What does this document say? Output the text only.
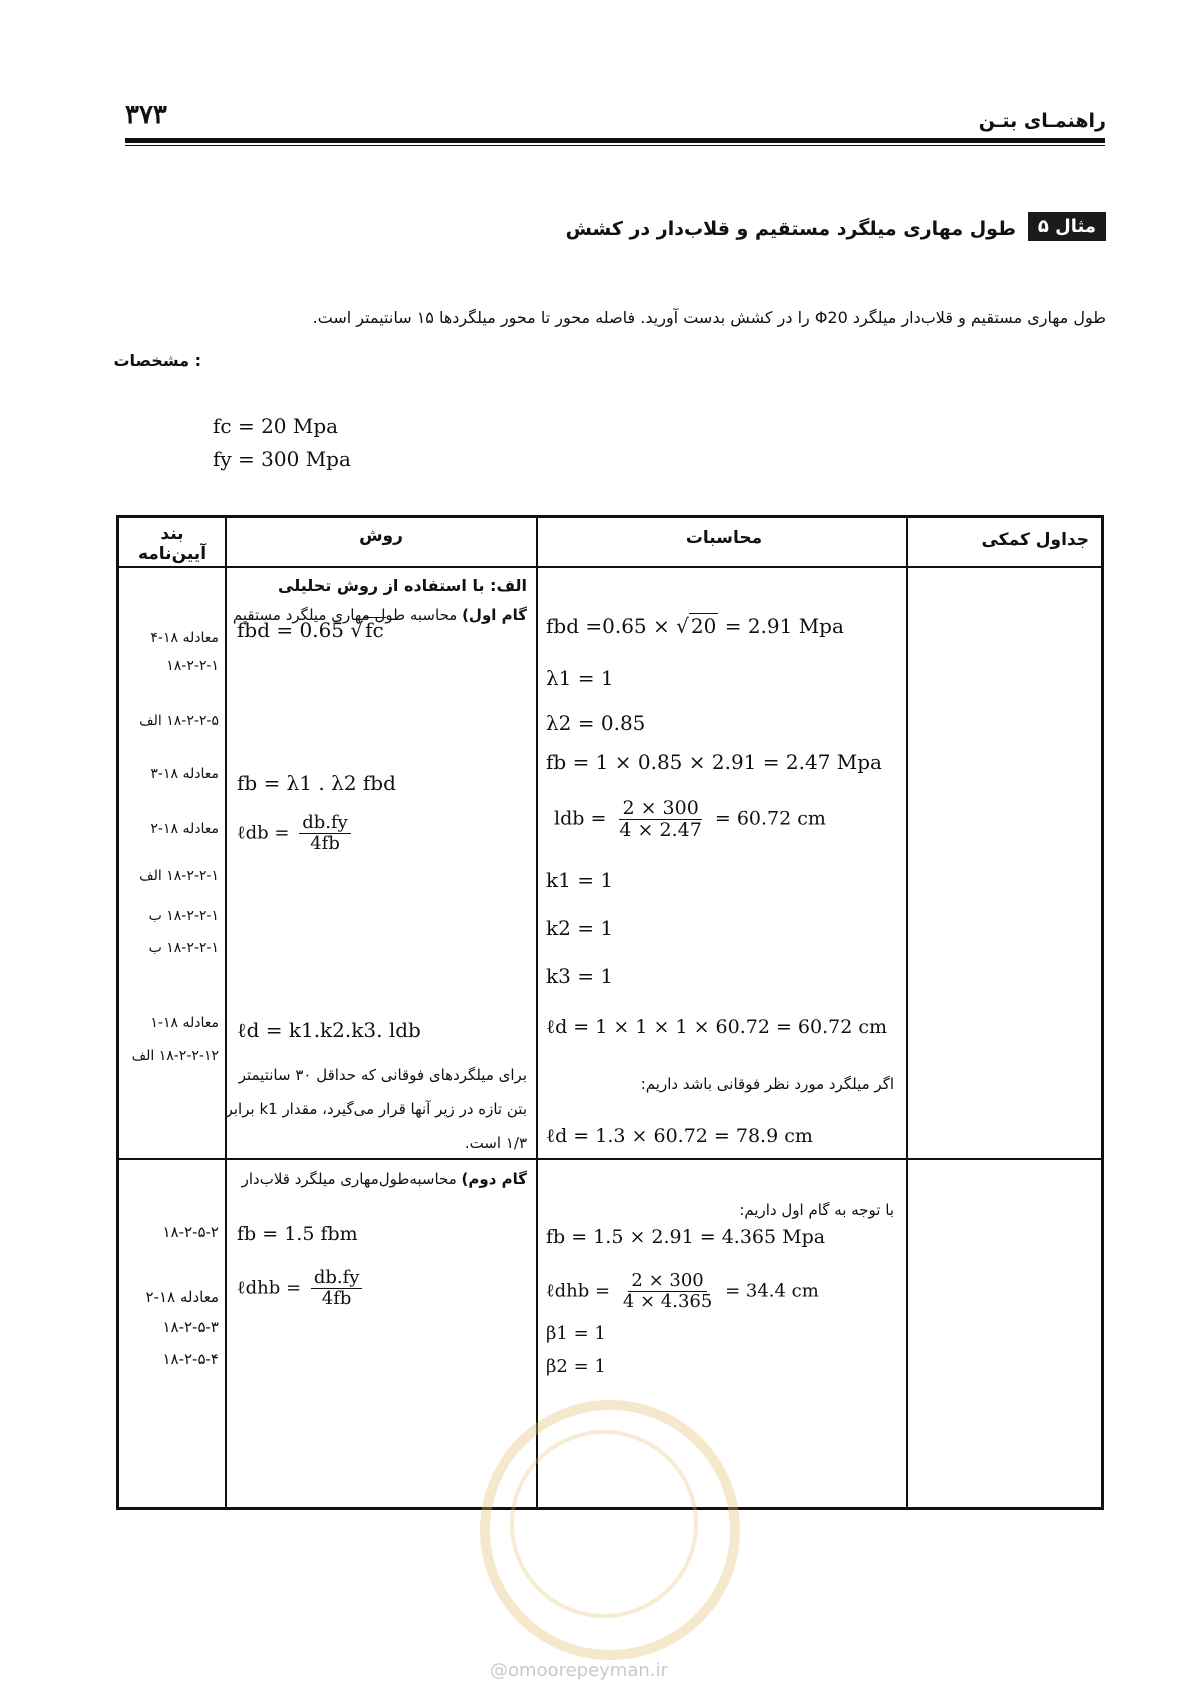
۳۷۳	راهنمـای بتـن
مثال ۵
طول مهاری میلگرد مستقیم و قلاب‌دار در کشش
طول مهاری مستقیم و قلاب‌دار میلگرد Φ20 را در کشش بدست آورید. فاصله محور تا محور میلگردها ۱۵ سانتیمتر است.
: مشخصات
fc = 20 Mpa
fy = 300 Mpa
جداول کمکی
محاسبات
روش
بند آیین‌نامه
الف: با استفاده از روش تحلیلی
گام اول) محاسبه طول مهاری میلگرد مستقیم
معادله ۱۸-۴
۱۸-۲-۲-۱
۱۸-۲-۲-۵ الف
معادله ۱۸-۳
معادله ۱۸-۲
۱۸-۲-۲-۱ الف
۱۸-۲-۲-۱ ب
۱۸-۲-۲-۱ ب
معادله ۱۸-۱
۱۸-۲-۲-۱۲ الف
fbd = 0.65 √ fc
fb = λ1 . λ2 fbd
ℓdb = $\frac{db.fy}{4fb}$
ℓd = k1.k2.k3. ldb
برای میلگردهای فوقانی که حداقل ۳۰ سانتیمتر
بتن تازه در زیر آنها قرار می‌گیرد، مقدار k1 برابر
۱/۳ است.
fbd =0.65 × √ 20 = 2.91 Mpa
λ1 = 1
λ2 = 0.85
fb = 1 × 0.85 × 2.91 = 2.47 Mpa
ldb = $\frac{2 \times 300}{4 \times 2.47} = 60.72$ cm
k1 = 1
k2 = 1
k3 = 1
ℓd = 1 × 1 × 1 × 60.72 = 60.72 cm
اگر میلگرد مورد نظر فوقانی باشد داریم:
ℓd = 1.3 × 60.72 = 78.9 cm
گام دوم) محاسبه‌طول‌مهاری میلگرد قلاب‌دار
۱۸-۲-۵-۲
معادله ۱۸-۲
۱۸-۲-۵-۳
۱۸-۲-۵-۴
fb = 1.5 fbm
ℓdhb = $\frac{db.fy}{4fb}$
با توجه به گام اول داریم:
fb = 1.5 × 2.91 = 4.365 Mpa
ℓdhb = $\frac{2 \times 300}{4 \times 4.365} = 34.4$ cm
β1 = 1
β2 = 1
@omoorepeyman.ir
